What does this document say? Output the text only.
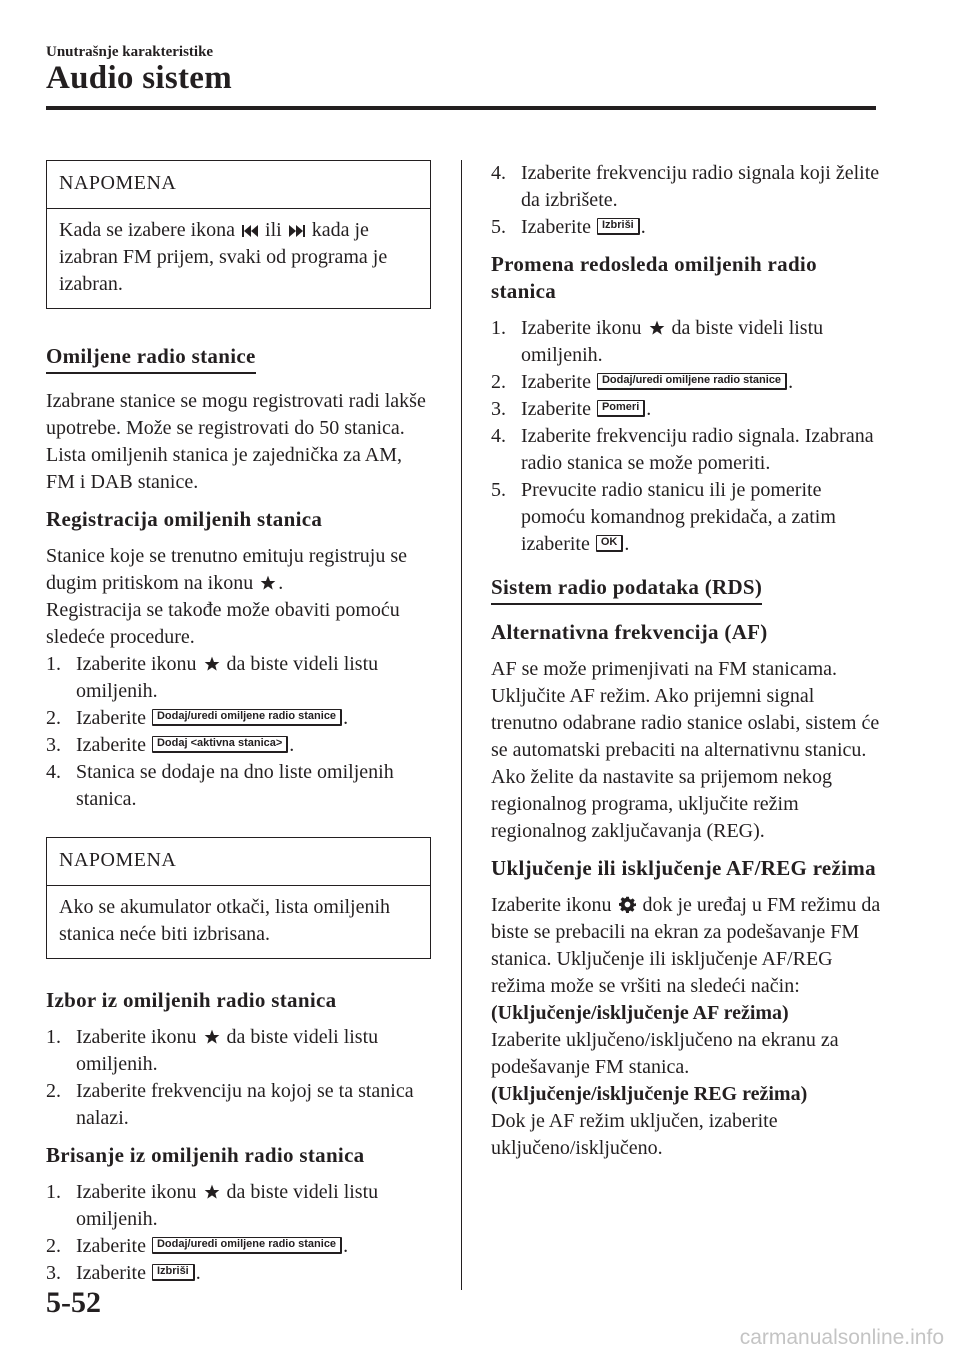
Unutrašnje karakteristike
Audio sistem
NAPOMENA
Kada se izabere ikona ili kada je izabran FM prijem, svaki od programa je izabran.
Omiljene radio stanice

Izabrane stanice se mogu registrovati radi lakše upotrebe. Može se registrovati do 50 stanica. Lista omiljenih stanica je zajednička za AM, FM i DAB stanice.

Registracija omiljenih stanica

Stanice koje se trenutno emituju registruju se dugim pritiskom na ikonu .
Registracija se takođe može obaviti pomoću sledeće procedure.

1. Izaberite ikonu da biste videli listu omiljenih.
2. Izaberite Dodaj/uredi omiljene radio stanice .
3. Izaberite Dodaj <aktivna stanica> .
4. Stanica se dodaje na dno liste omiljenih stanica.
NAPOMENA
Ako se akumulator otkači, lista omiljenih stanica neće biti izbrisana.
Izbor iz omiljenih radio stanica
1. Izaberite ikonu da biste videli listu omiljenih.
2. Izaberite frekvenciju na kojoj se ta stanica nalazi.
Brisanje iz omiljenih radio stanica
1. Izaberite ikonu da biste videli listu omiljenih.
2. Izaberite Dodaj/uredi omiljene radio stanice .
3. Izaberite Izbriši .
4. Izaberite frekvenciju radio signala koji želite da izbrišete.
5. Izaberite Izbriši .
Promena redosleda omiljenih radio stanica
1. Izaberite ikonu da biste videli listu omiljenih.
2. Izaberite Dodaj/uredi omiljene radio stanice .
3. Izaberite Pomeri .
4. Izaberite frekvenciju radio signala. Izabrana radio stanica se može pomeriti.
5. Prevucite radio stanicu ili je pomerite pomoću komandnog prekidača, a zatim izaberite OK .
Sistem radio podataka (RDS)
Alternativna frekvencija (AF)

AF se može primenjivati na FM stanicama. Uključite AF režim. Ako prijemni signal trenutno odabrane radio stanice oslabi, sistem će se automatski prebaciti na alternativnu stanicu.

Ako želite da nastavite sa prijemom nekog regionalnog programa, uključite režim regionalnog zaključavanja (REG).

Uključenje ili isključenje AF/REG režima

Izaberite ikonu dok je uređaj u FM režimu da biste se prebacili na ekran za podešavanje FM stanica. Uključenje ili isključenje AF/REG režima može se vršiti na sledeći način:

(Uključenje/isključenje AF režima)
Izaberite uključeno/isključeno na ekranu za podešavanje FM stanica.
(Uključenje/isključenje REG režima)
Dok je AF režim uključen, izaberite uključeno/isključeno.
5-52
carmanualsonline.info
